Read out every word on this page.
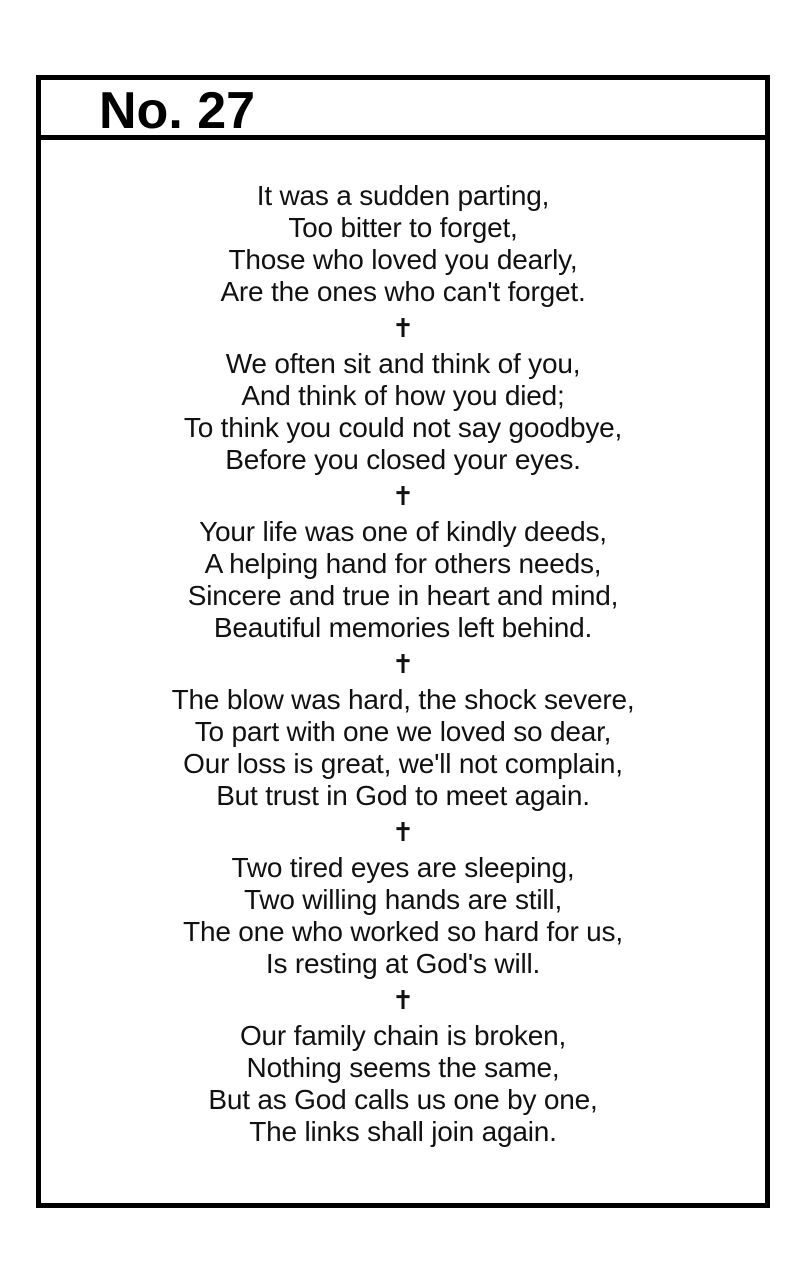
No. 27
It was a sudden parting,
Too bitter to forget,
Those who loved you dearly,
Are the ones who can't forget.
✝
We often sit and think of you,
And think of how you died;
To think you could not say goodbye,
Before you closed your eyes.
✝
Your life was one of kindly deeds,
A helping hand for others needs,
Sincere and true in heart and mind,
Beautiful memories left behind.
✝
The blow was hard, the shock severe,
To part with one we loved so dear,
Our loss is great, we'll not complain,
But trust in God to meet again.
✝
Two tired eyes are sleeping,
Two willing hands are still,
The one who worked so hard for us,
Is resting at God's will.
✝
Our family chain is broken,
Nothing seems the same,
But as God calls us one by one,
The links shall join again.
